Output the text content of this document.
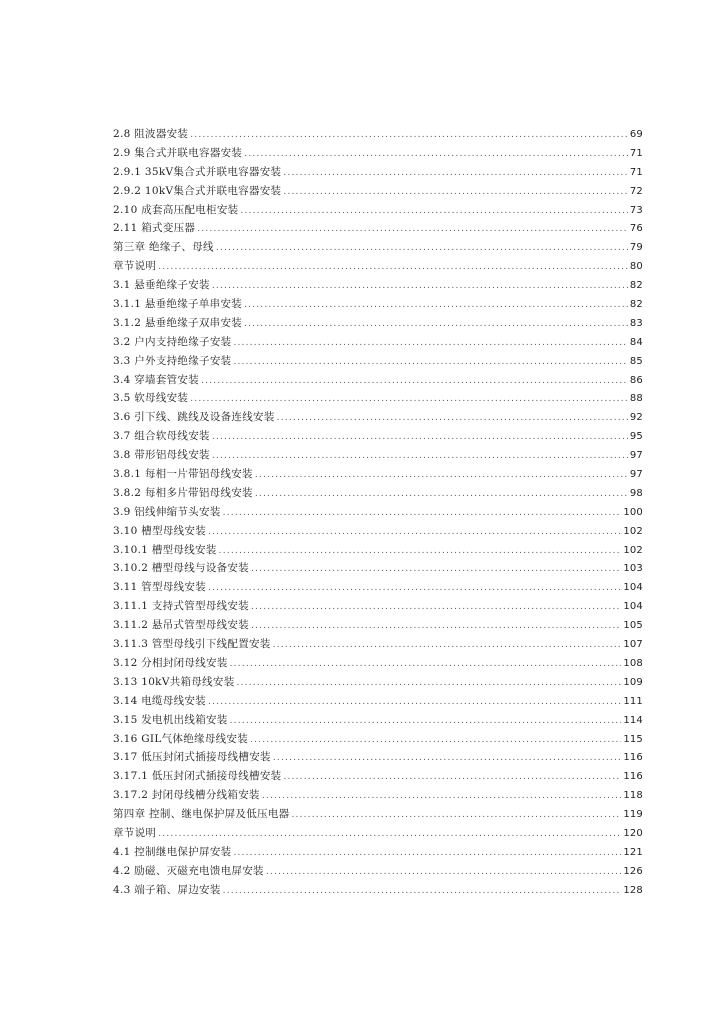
2.8 阻波器安装 .....	69
2.9 集合式并联电容器安装 .....	71
2.9.1 35kV集合式并联电容器安装 .....	71
2.9.2 10kV集合式并联电容器安装 .....	72
2.10 成套高压配电柜安装 .....	73
2.11 箱式变压器 .....	76
第三章 绝缘子、母线 .....	79
章节说明 .....	80
3.1 悬垂绝缘子安装 .....	82
3.1.1 悬垂绝缘子单串安装 .....	82
3.1.2 悬垂绝缘子双串安装 .....	83
3.2 户内支持绝缘子安装 .....	84
3.3 户外支持绝缘子安装 .....	85
3.4 穿墙套管安装 .....	86
3.5 软母线安装 .....	88
3.6 引下线、跳线及设备连线安装 .....	92
3.7 组合软母线安装 .....	95
3.8 带形铝母线安装 .....	97
3.8.1 每相一片带铝母线安装 .....	97
3.8.2 每相多片带铝母线安装 .....	98
3.9 铝线伸缩节头安装 .....	100
3.10 槽型母线安装 .....	102
3.10.1 槽型母线安装 .....	102
3.10.2 槽型母线与设备安装 .....	103
3.11 管型母线安装 .....	104
3.11.1 支持式管型母线安装 .....	104
3.11.2 悬吊式管型母线安装 .....	105
3.11.3 管型母线引下线配置安装 .....	107
3.12 分相封闭母线安装 .....	108
3.13 10kV共箱母线安装 .....	109
3.14 电缆母线安装 .....	111
3.15 发电机出线箱安装 .....	114
3.16 GIL气体绝缘母线安装 .....	115
3.17 低压封闭式插接母线槽安装 .....	116
3.17.1 低压封闭式插接母线槽安装 .....	116
3.17.2 封闭母线槽分线箱安装 .....	118
第四章 控制、继电保护屏及低压电器 .....	119
章节说明 .....	120
4.1 控制继电保护屏安装 .....	121
4.2 励磁、灭磁充电馈电屏安装 .....	126
4.3 端子箱、屏边安装 .....	128
